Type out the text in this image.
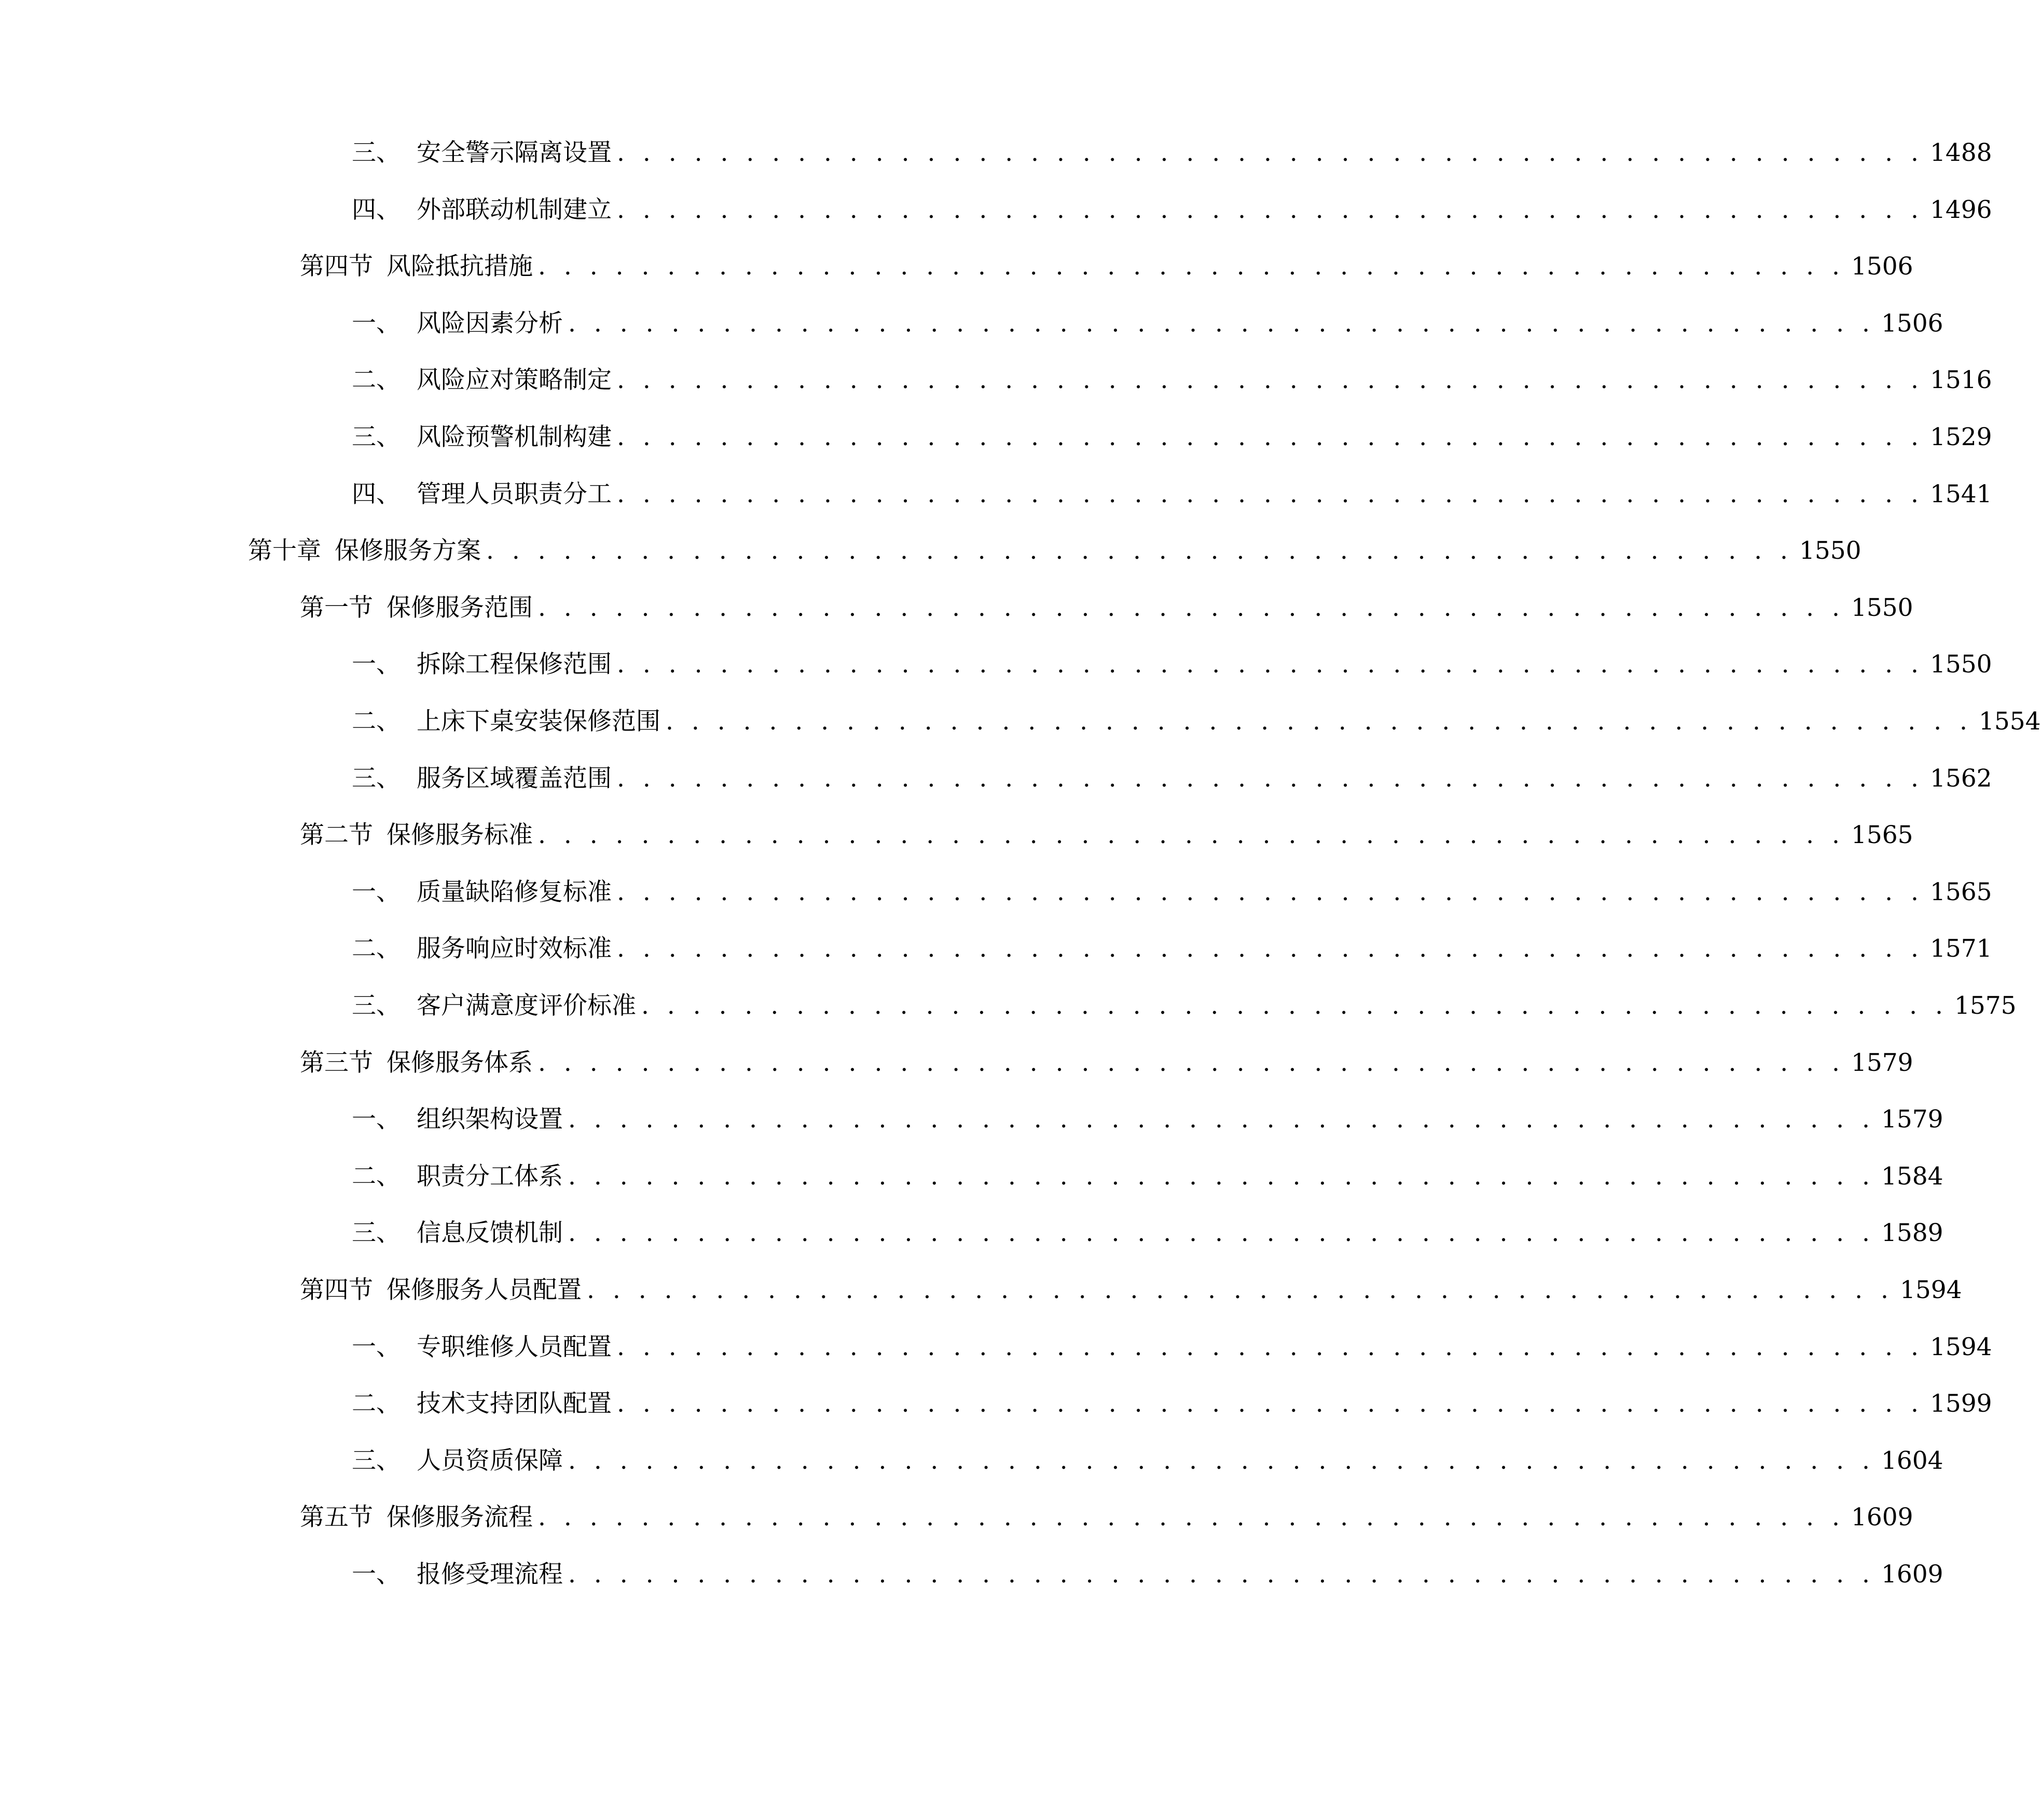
三、 安全警示隔离设置 . . . . . . . . . . . . . . . . . . . . . . . . . . . . . . . . . . . . . . . . . . . . . . . . . . . 1488
四、 外部联动机制建立 . . . . . . . . . . . . . . . . . . . . . . . . . . . . . . . . . . . . . . . . . . . . . . . . . . . 1496
第四节 风险抵抗措施 . . . . . . . . . . . . . . . . . . . . . . . . . . . . . . . . . . . . . . . . . . . . . . . . . . . 1506
一、 风险因素分析 . . . . . . . . . . . . . . . . . . . . . . . . . . . . . . . . . . . . . . . . . . . . . . . . . . . 1506
二、 风险应对策略制定 . . . . . . . . . . . . . . . . . . . . . . . . . . . . . . . . . . . . . . . . . . . . . . . . . . . 1516
三、 风险预警机制构建 . . . . . . . . . . . . . . . . . . . . . . . . . . . . . . . . . . . . . . . . . . . . . . . . . . . 1529
四、 管理人员职责分工 . . . . . . . . . . . . . . . . . . . . . . . . . . . . . . . . . . . . . . . . . . . . . . . . . . . 1541
第十章 保修服务方案 . . . . . . . . . . . . . . . . . . . . . . . . . . . . . . . . . . . . . . . . . . . . . . . . . . . 1550
第一节 保修服务范围 . . . . . . . . . . . . . . . . . . . . . . . . . . . . . . . . . . . . . . . . . . . . . . . . . . . 1550
一、 拆除工程保修范围 . . . . . . . . . . . . . . . . . . . . . . . . . . . . . . . . . . . . . . . . . . . . . . . . . . . 1550
二、 上床下桌安装保修范围 . . . . . . . . . . . . . . . . . . . . . . . . . . . . . . . . . . . . . . . . . . . . . . . . . . . 1554
三、 服务区域覆盖范围 . . . . . . . . . . . . . . . . . . . . . . . . . . . . . . . . . . . . . . . . . . . . . . . . . . . 1562
第二节 保修服务标准 . . . . . . . . . . . . . . . . . . . . . . . . . . . . . . . . . . . . . . . . . . . . . . . . . . . 1565
一、 质量缺陷修复标准 . . . . . . . . . . . . . . . . . . . . . . . . . . . . . . . . . . . . . . . . . . . . . . . . . . . 1565
二、 服务响应时效标准 . . . . . . . . . . . . . . . . . . . . . . . . . . . . . . . . . . . . . . . . . . . . . . . . . . . 1571
三、 客户满意度评价标准 . . . . . . . . . . . . . . . . . . . . . . . . . . . . . . . . . . . . . . . . . . . . . . . . . . . 1575
第三节 保修服务体系 . . . . . . . . . . . . . . . . . . . . . . . . . . . . . . . . . . . . . . . . . . . . . . . . . . . 1579
一、 组织架构设置 . . . . . . . . . . . . . . . . . . . . . . . . . . . . . . . . . . . . . . . . . . . . . . . . . . . 1579
二、 职责分工体系 . . . . . . . . . . . . . . . . . . . . . . . . . . . . . . . . . . . . . . . . . . . . . . . . . . . 1584
三、 信息反馈机制 . . . . . . . . . . . . . . . . . . . . . . . . . . . . . . . . . . . . . . . . . . . . . . . . . . . 1589
第四节 保修服务人员配置 . . . . . . . . . . . . . . . . . . . . . . . . . . . . . . . . . . . . . . . . . . . . . . . . . . . 1594
一、 专职维修人员配置 . . . . . . . . . . . . . . . . . . . . . . . . . . . . . . . . . . . . . . . . . . . . . . . . . . . 1594
二、 技术支持团队配置 . . . . . . . . . . . . . . . . . . . . . . . . . . . . . . . . . . . . . . . . . . . . . . . . . . . 1599
三、 人员资质保障 . . . . . . . . . . . . . . . . . . . . . . . . . . . . . . . . . . . . . . . . . . . . . . . . . . . 1604
第五节 保修服务流程 . . . . . . . . . . . . . . . . . . . . . . . . . . . . . . . . . . . . . . . . . . . . . . . . . . . 1609
一、 报修受理流程 . . . . . . . . . . . . . . . . . . . . . . . . . . . . . . . . . . . . . . . . . . . . . . . . . . . 1609
